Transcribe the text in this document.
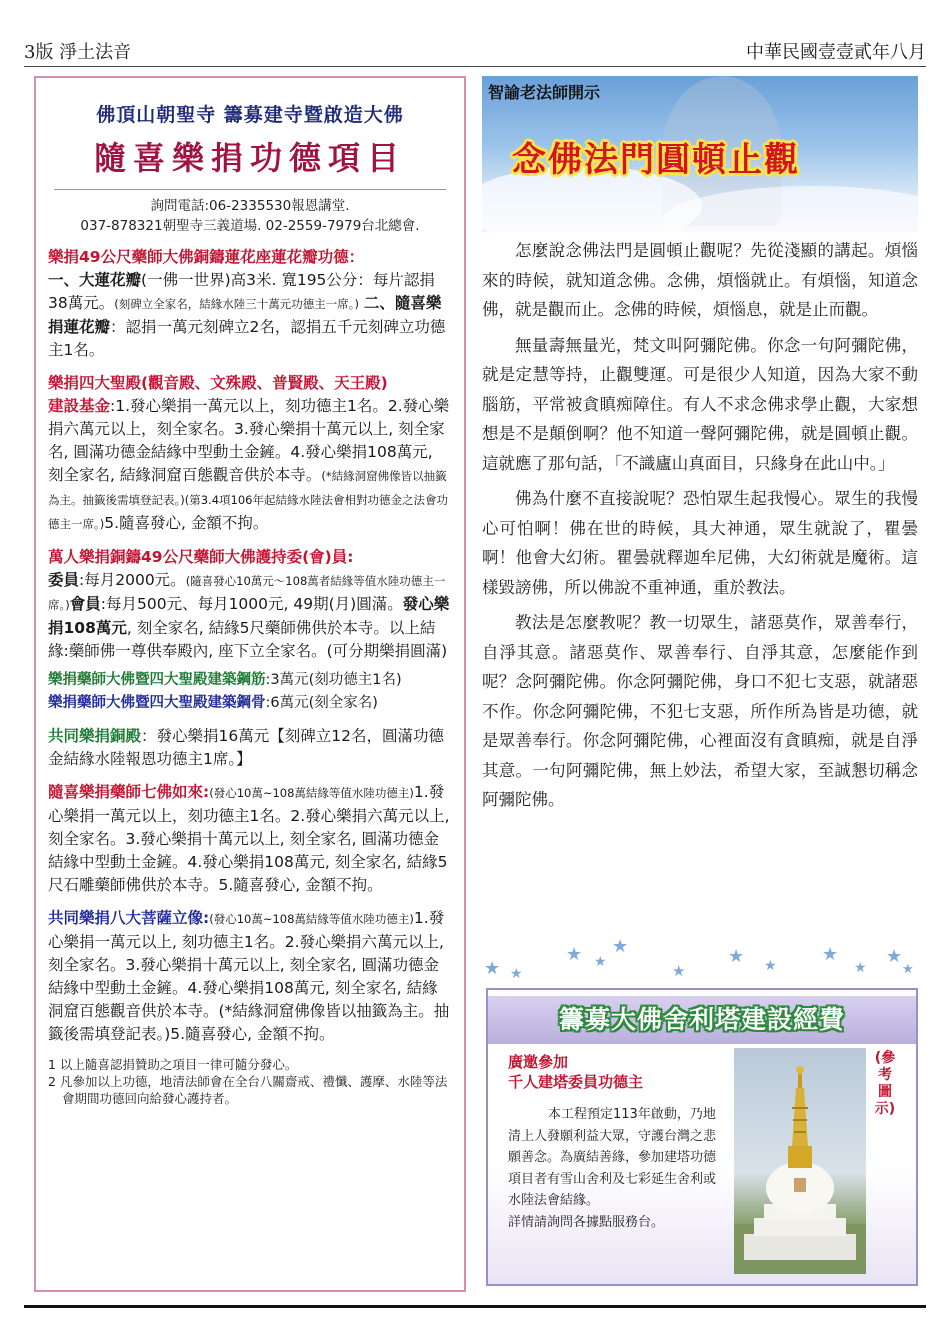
3版 淨土法音	中華民國壹壹貳年八月
佛頂山朝聖寺 籌募建寺暨啟造大佛
隨喜樂捐功德項目
詢問電話:06-2335530報恩講堂.
037-878321朝聖寺三義道場. 02-2559-7979台北總會.
樂捐49公尺藥師大佛銅鑄蓮花座蓮花瓣功德：
一、大蓮花瓣(一佛一世界)高3米. 寬195公分：每片認捐38萬元。(刻碑立全家名，結緣水陸三十萬元功德主一席。) 二、隨喜樂捐蓮花瓣：認捐一萬元刻碑立2名，認捐五千元刻碑立功德主1名。
樂捐四大聖殿(觀音殿、文殊殿、普賢殿、天王殿)
建設基金:1.發心樂捐一萬元以上，刻功德主1名。2.發心樂捐六萬元以上，刻全家名。3.發心樂捐十萬元以上, 刻全家名, 圓滿功德金結緣中型動土金鏟。4.發心樂捐108萬元, 刻全家名, 結緣洞窟百態觀音供於本寺。(*結緣洞窟佛像皆以抽籤為主。抽籤後需填登記表。)(第3.4項106年起結緣水陸法會相對功德金之法會功德主一席。)5.隨喜發心, 金額不拘。
萬人樂捐銅鑄49公尺藥師大佛護持委(會)員:
委員:每月2000元。(隨喜發心10萬元～108萬者結緣等值水陸功德主一席。)會員:每月500元、每月1000元, 49期(月)圓滿。發心樂捐108萬元, 刻全家名, 結緣5尺藥師佛供於本寺。以上結緣:藥師佛一尊供奉殿內, 座下立全家名。(可分期樂捐圓滿)
樂捐藥師大佛暨四大聖殿建築鋼筋:3萬元(刻功德主1名)
樂捐藥師大佛暨四大聖殿建築鋼骨:6萬元(刻全家名)
共同樂捐銅殿：發心樂捐16萬元【刻碑立12名，圓滿功德金結緣水陸報恩功德主1席。】
隨喜樂捐藥師七佛如來:(發心10萬~108萬結緣等值水陸功德主)1.發心樂捐一萬元以上，刻功德主1名。2.發心樂捐六萬元以上, 刻全家名。3.發心樂捐十萬元以上, 刻全家名, 圓滿功德金結緣中型動土金鏟。4.發心樂捐108萬元, 刻全家名, 結緣5尺石雕藥師佛供於本寺。5.隨喜發心, 金額不拘。
共同樂捐八大菩薩立像:(發心10萬~108萬結緣等值水陸功德主)1.發心樂捐一萬元以上, 刻功德主1名。2.發心樂捐六萬元以上, 刻全家名。3.發心樂捐十萬元以上, 刻全家名, 圓滿功德金結緣中型動土金鏟。4.發心樂捐108萬元, 刻全家名, 結緣洞窟百態觀音供於本寺。(*結緣洞窟佛像皆以抽籤為主。抽籤後需填登記表。)5.隨喜發心, 金額不拘。
1 以上隨喜認捐贊助之項目一律可隨分發心。
2 凡參加以上功德，地清法師會在全台八關齋戒、禮懺、護摩、水陸等法會期間功德回向給發心護持者。
智諭老法師開示
念佛法門圓頓止觀

怎麼說念佛法門是圓頓止觀呢？先從淺顯的講起。煩惱來的時候，就知道念佛。念佛，煩惱就止。有煩惱，知道念佛，就是觀而止。念佛的時候，煩惱息，就是止而觀。

無量壽無量光，梵文叫阿彌陀佛。你念一句阿彌陀佛，就是定慧等持，止觀雙運。可是很少人知道，因為大家不動腦筋，平常被貪瞋痴障住。有人不求念佛求學止觀，大家想想是不是顛倒啊？他不知道一聲阿彌陀佛，就是圓頓止觀。這就應了那句話，「不識廬山真面目，只緣身在此山中。」

佛為什麼不直接說呢？恐怕眾生起我慢心。眾生的我慢心可怕啊！佛在世的時候，具大神通，眾生就說了，瞿曇啊！他會大幻術。瞿曇就釋迦牟尼佛，大幻術就是魔術。這樣毀謗佛，所以佛說不重神通，重於教法。

教法是怎麼教呢？教一切眾生，諸惡莫作，眾善奉行，自淨其意。諸惡莫作、眾善奉行、自淨其意，怎麼能作到呢？念阿彌陀佛。你念阿彌陀佛，身口不犯七支惡，就諸惡不作。你念阿彌陀佛，不犯七支惡，所作所為皆是功德，就是眾善奉行。你念阿彌陀佛，心裡面沒有貪瞋痴，就是自淨其意。一句阿彌陀佛，無上妙法，希望大家，至誠懇切稱念阿彌陀佛。

★ ★
★ ★
★
★
★ ★
★
★
★
★
籌募大佛舍利塔建設經費
廣邀參加
千人建塔委員功德主

本工程預定113年啟動，乃地清上人發願利益大眾，守護台灣之悲願善念。為廣結善緣，參加建塔功德項目者有雪山舍利及七彩延生舍利或水陸法會結緣。

詳情請詢問各據點服務台。

(參考圖示)
